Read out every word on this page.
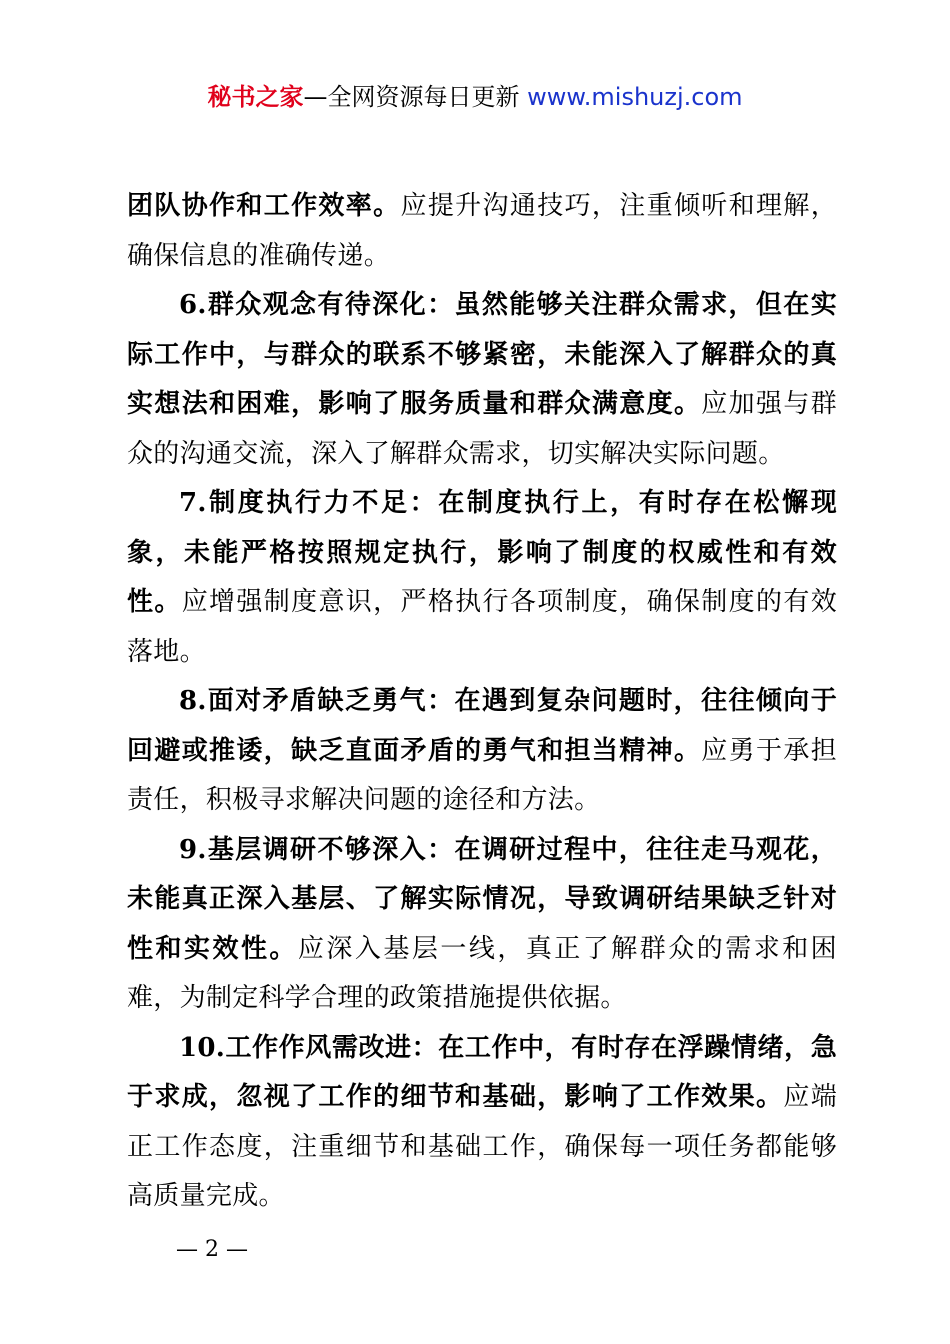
秘书之家—全网资源每日更新 www.mishuzj.com

团队协作和工作效率。应提升沟通技巧，注重倾听和理解，确保信息的准确传递。

6.群众观念有待深化：虽然能够关注群众需求，但在实际工作中，与群众的联系不够紧密，未能深入了解群众的真实想法和困难，影响了服务质量和群众满意度。应加强与群众的沟通交流，深入了解群众需求，切实解决实际问题。

7.制度执行力不足：在制度执行上，有时存在松懈现象，未能严格按照规定执行，影响了制度的权威性和有效性。应增强制度意识，严格执行各项制度，确保制度的有效落地。

8.面对矛盾缺乏勇气：在遇到复杂问题时，往往倾向于回避或推诿，缺乏直面矛盾的勇气和担当精神。应勇于承担责任，积极寻求解决问题的途径和方法。

9.基层调研不够深入：在调研过程中，往往走马观花，未能真正深入基层、了解实际情况，导致调研结果缺乏针对性和实效性。应深入基层一线，真正了解群众的需求和困难，为制定科学合理的政策措施提供依据。

10.工作作风需改进：在工作中，有时存在浮躁情绪，急于求成，忽视了工作的细节和基础，影响了工作效果。应端正工作态度，注重细节和基础工作，确保每一项任务都能够高质量完成。

— 2 —
